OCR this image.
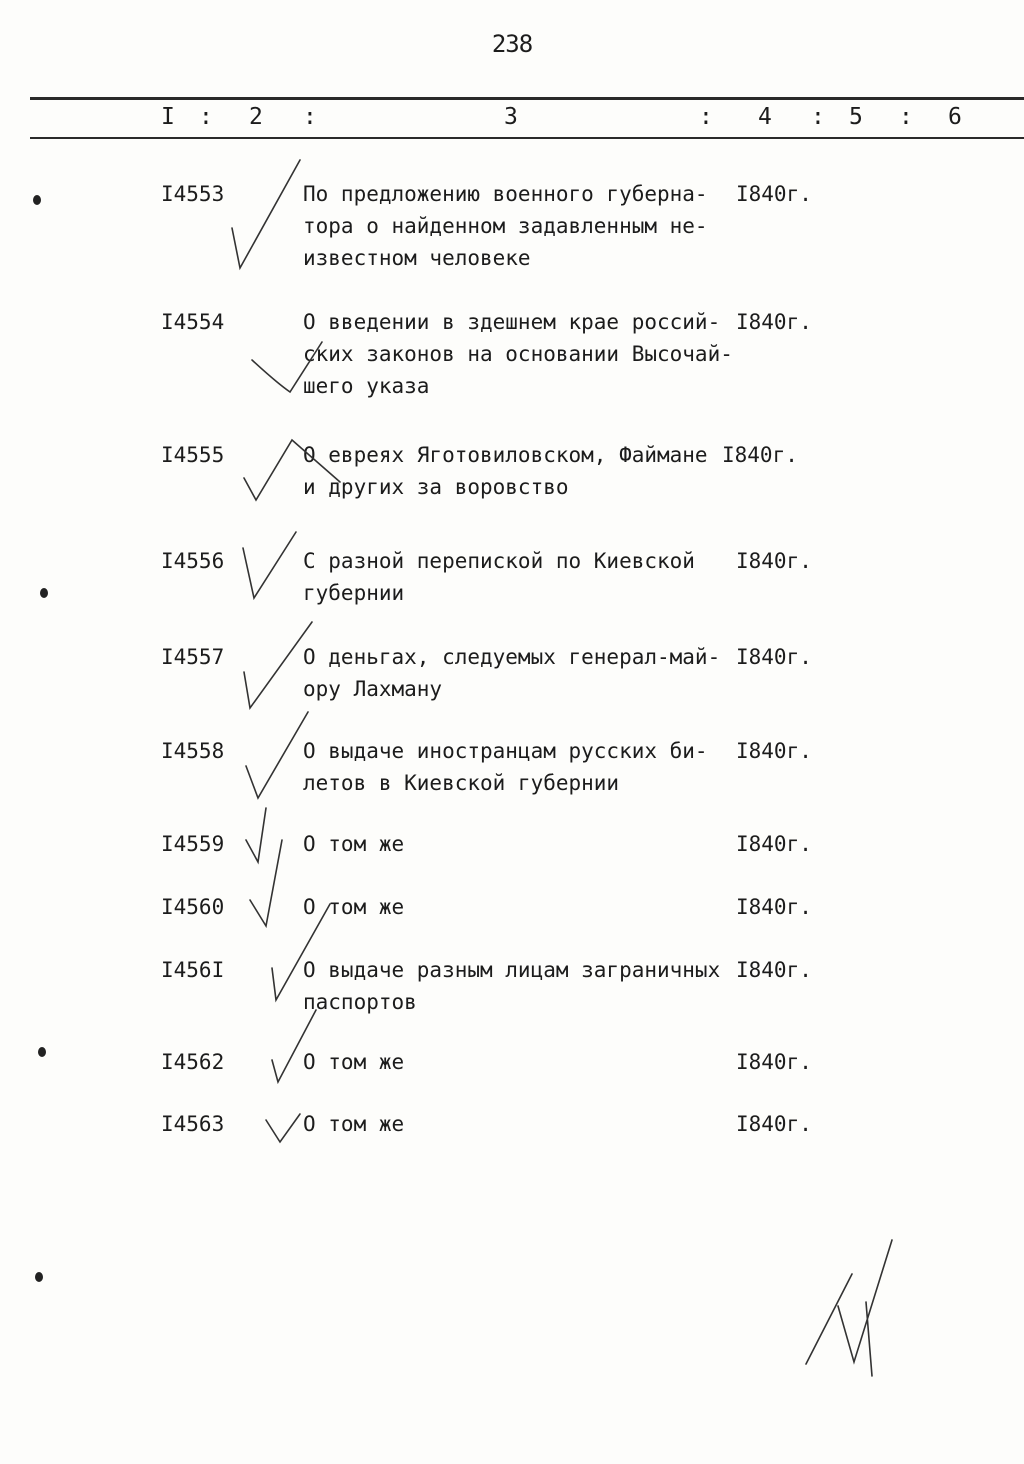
238
I : 2 :	3	: 4 : 5 : 6
I4553	По предложению военного губерна-
тора о найденном задавленным не-
известном человеке
I840г.
I4554	О введении в здешнем крае россий-
ских законов на основании Высочай-
шего указа
I840г.
I4555	О евреях Яготовиловском, Файмане
и других за воровство
I840г.
I4556	С разной перепиской по Киевской
губернии
I840г.
I4557	О деньгах, следуемых генерал-май-
ору Лахману
I840г.
I4558	О выдаче иностранцам русских би-
летов в Киевской губернии
I840г.
I4559	О том же	I840г.
I4560	О том же	I840г.
I456I	О выдаче разным лицам заграничных
паспортов
I840г.
I4562	О том же	I840г.
I4563	О том же	I840г.
